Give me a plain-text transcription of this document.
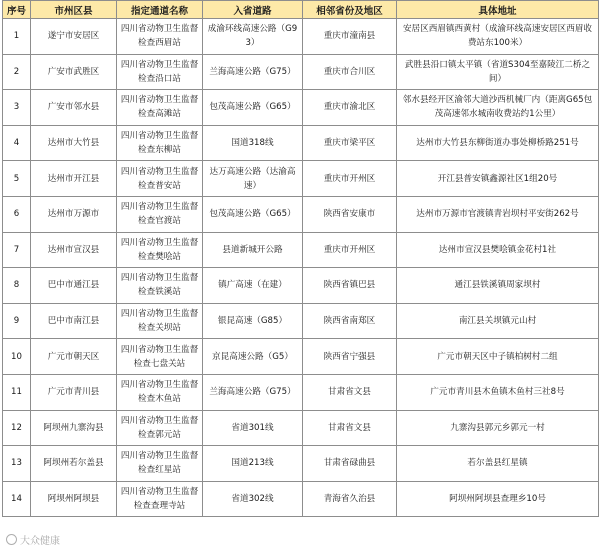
序号	市州区县	指定通道名称	入省道路	相邻省份及地区	具体地址
1	遂宁市安居区	四川省动物卫生监督检查西眉站	成渝环线高速公路（G93）	重庆市潼南县	安居区西眉镇西黄村（成渝环线高速安居区西眉收费站东100米）
2	广安市武胜区	四川省动物卫生监督检查沿口站	兰海高速公路（G75）	重庆市合川区	武胜县沿口镇太平镇（省道S304至嘉陵江二桥之间）
3	广安市邻水县	四川省动物卫生监督检查高滩站	包茂高速公路（G65）	重庆市渝北区	邻水县经开区渝邻大道沙西机械厂内（距离G65包茂高速邻水城南收费站约1公里）
4	达州市大竹县	四川省动物卫生监督检查东柳站	国道318线	重庆市梁平区	达州市大竹县东柳街道办事处柳桥路251号
5	达州市开江县	四川省动物卫生监督检查普安站	达万高速公路（达渝高速）	重庆市开州区	开江县普安镇鑫源社区1组20号
6	达州市万源市	四川省动物卫生监督检查官渡站	包茂高速公路（G65）	陕西省安康市	达州市万源市官渡镇青岩坝村平安街262号
7	达州市宣汉县	四川省动物卫生监督检查樊哙站	县道新城开公路	重庆市开州区	达州市宣汉县樊哙镇金花村1社
8	巴中市通江县	四川省动物卫生监督检查铁溪站	镇广高速（在建）	陕西省镇巴县	通江县铁溪镇周家坝村
9	巴中市南江县	四川省动物卫生监督检查关坝站	银昆高速（G85）	陕西省南郑区	南江县关坝镇元山村
10	广元市朝天区	四川省动物卫生监督检查七盘关站	京昆高速公路（G5）	陕西省宁强县	广元市朝天区中子镇柏树村二组
11	广元市青川县	四川省动物卫生监督检查木鱼站	兰海高速公路（G75）	甘肃省文县	广元市青川县木鱼镇木鱼村三社8号
12	阿坝州九寨沟县	四川省动物卫生监督检查郭元站	省道301线	甘肃省文县	九寨沟县郭元乡郭元一村
13	阿坝州若尔盖县	四川省动物卫生监督检查红星站	国道213线	甘肃省碌曲县	若尔盖县红星镇
14	阿坝州阿坝县	四川省动物卫生监督检查查理寺站	省道302线	青海省久治县	阿坝州阿坝县查理乡10号
大众健康
